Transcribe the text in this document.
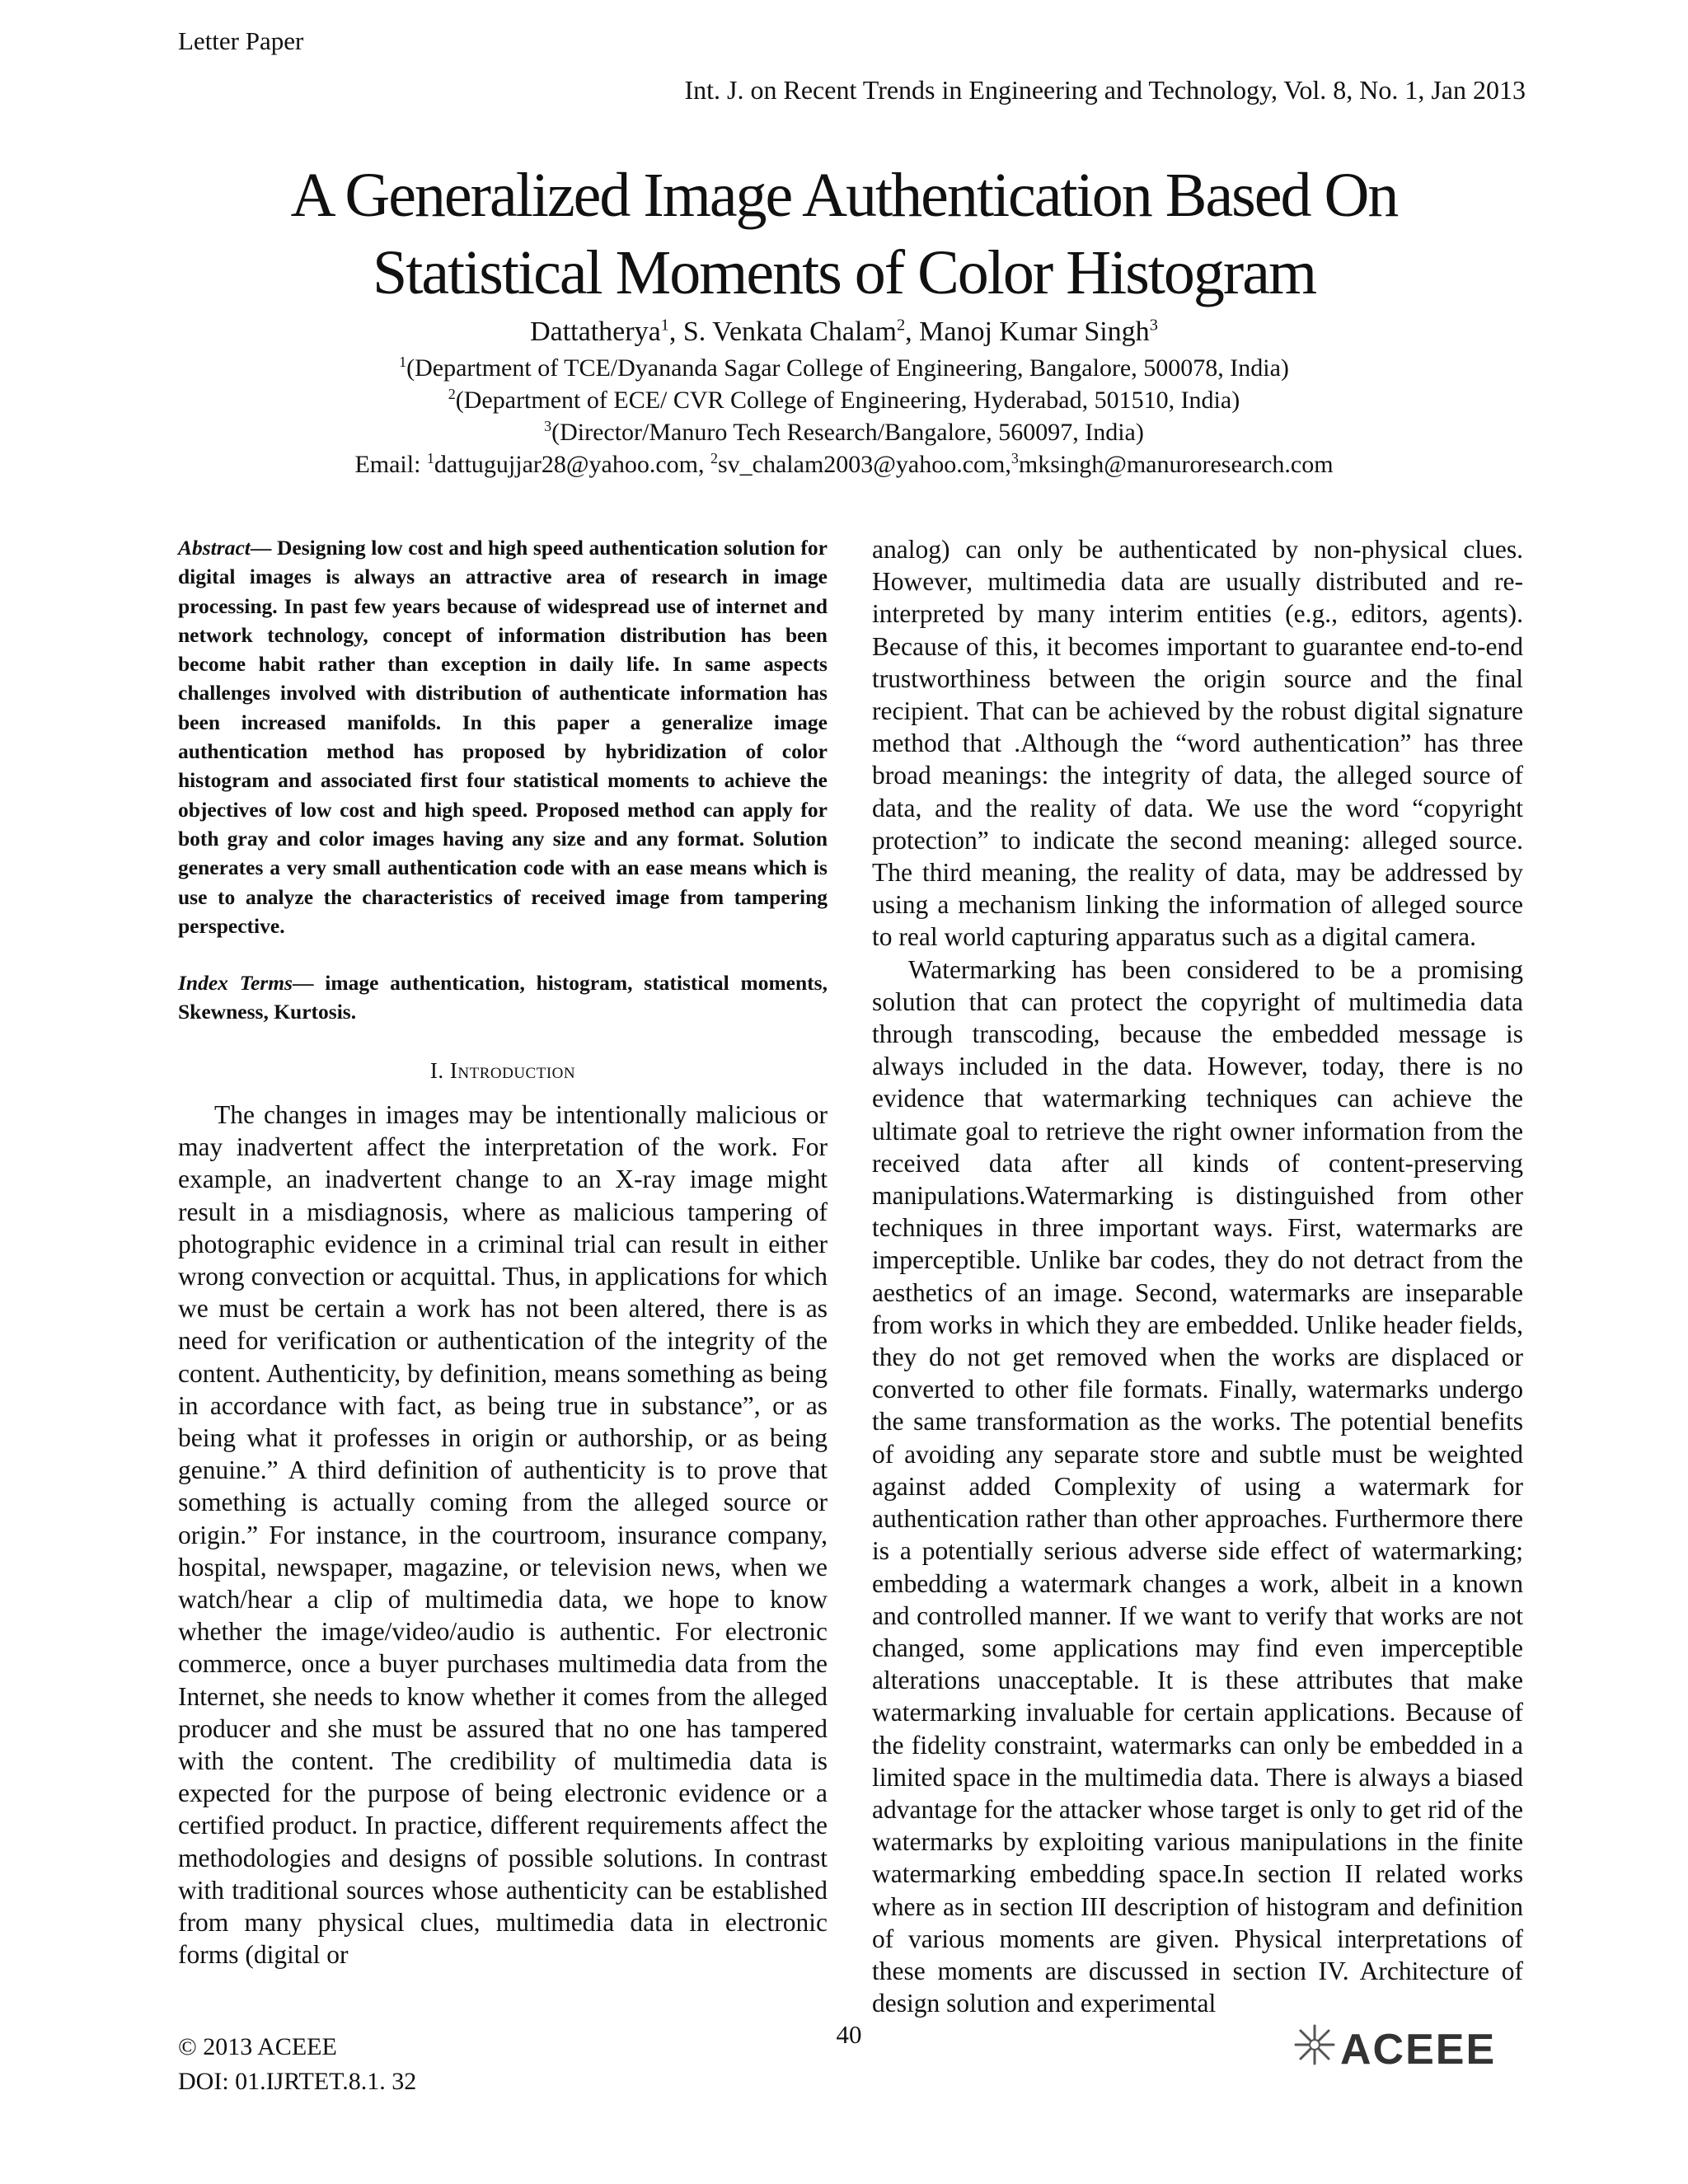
Letter Paper
Int. J. on Recent Trends in Engineering and Technology, Vol. 8, No. 1, Jan 2013
A Generalized Image Authentication Based On
Statistical Moments of Color Histogram
Dattatherya$^1$, S. Venkata Chalam$^2$, Manoj Kumar Singh$^3$
$^1$(Department of TCE/Dyananda Sagar College of Engineering, Bangalore, 500078, India)
$^2$(Department of ECE/ CVR College of Engineering, Hyderabad, 501510, India)
$^3$(Director/Manuro Tech Research/Bangalore, 560097, India)
Email: $^1$dattugujjar28@yahoo.com, $^2$sv_chalam2003@yahoo.com,$^3$mksingh@manuroresearch.com

Abstract— Designing low cost and high speed authentication solution for digital images is always an attractive area of research in image processing. In past few years because of widespread use of internet and network technology, concept of information distribution has been become habit rather than exception in daily life. In same aspects challenges involved with distribution of authenticate information has been increased manifolds. In this paper a generalize image authentication method has proposed by hybridization of color histogram and associated first four statistical moments to achieve the objectives of low cost and high speed. Proposed method can apply for both gray and color images having any size and any format. Solution generates a very small authentication code with an ease means which is use to analyze the characteristics of received image from tampering perspective.

Index Terms— image authentication, histogram, statistical moments, Skewness, Kurtosis.

I. Introduction

The changes in images may be intentionally malicious or may inadvertent affect the interpretation of the work. For example, an inadvertent change to an X-ray image might result in a misdiagnosis, where as malicious tampering of photographic evidence in a criminal trial can result in either wrong convection or acquittal. Thus, in applications for which we must be certain a work has not been altered, there is as need for verification or authentication of the integrity of the content. Authenticity, by definition, means something as being in accordance with fact, as being true in substance”, or as being what it professes in origin or authorship, or as being genuine.” A third definition of authenticity is to prove that something is actually coming from the alleged source or origin.” For instance, in the courtroom, insurance company, hospital, newspaper, magazine, or television news, when we watch/hear a clip of multimedia data, we hope to know whether the image/video/audio is authentic. For electronic commerce, once a buyer purchases multimedia data from the Internet, she needs to know whether it comes from the alleged producer and she must be assured that no one has tampered with the content. The credibility of multimedia data is expected for the purpose of being electronic evidence or a certified product. In practice, different requirements affect the methodologies and designs of possible solutions. In contrast with traditional sources whose authenticity can be established from many physical clues, multimedia data in electronic forms (digital or

analog) can only be authenticated by non-physical clues. However, multimedia data are usually distributed and re-interpreted by many interim entities (e.g., editors, agents). Because of this, it becomes important to guarantee end-to-end trustworthiness between the origin source and the final recipient. That can be achieved by the robust digital signature method that .Although the “word authentication” has three broad meanings: the integrity of data, the alleged source of data, and the reality of data. We use the word “copyright protection” to indicate the second meaning: alleged source. The third meaning, the reality of data, may be addressed by using a mechanism linking the information of alleged source to real world capturing apparatus such as a digital camera.

Watermarking has been considered to be a promising solution that can protect the copyright of multimedia data through transcoding, because the embedded message is always included in the data. However, today, there is no evidence that watermarking techniques can achieve the ultimate goal to retrieve the right owner information from the received data after all kinds of content-preserving manipulations.Watermarking is distinguished from other techniques in three important ways. First, watermarks are imperceptible. Unlike bar codes, they do not detract from the aesthetics of an image. Second, watermarks are inseparable from works in which they are embedded. Unlike header fields, they do not get removed when the works are displaced or converted to other file formats. Finally, watermarks undergo the same transformation as the works. The potential benefits of avoiding any separate store and subtle must be weighted against added Complexity of using a watermark for authentication rather than other approaches. Furthermore there is a potentially serious adverse side effect of watermarking; embedding a watermark changes a work, albeit in a known and controlled manner. If we want to verify that works are not changed, some applications may find even imperceptible alterations unacceptable. It is these attributes that make watermarking invaluable for certain applications. Because of the fidelity constraint, watermarks can only be embedded in a limited space in the multimedia data. There is always a biased advantage for the attacker whose target is only to get rid of the watermarks by exploiting various manipulations in the finite watermarking embedding space.In section II related works where as in section III description of histogram and definition of various moments are given. Physical interpretations of these moments are discussed in section IV. Architecture of design solution and experimental

40
© 2013 ACEEE
DOI: 01.IJRTET.8.1. 32
ACEEE
